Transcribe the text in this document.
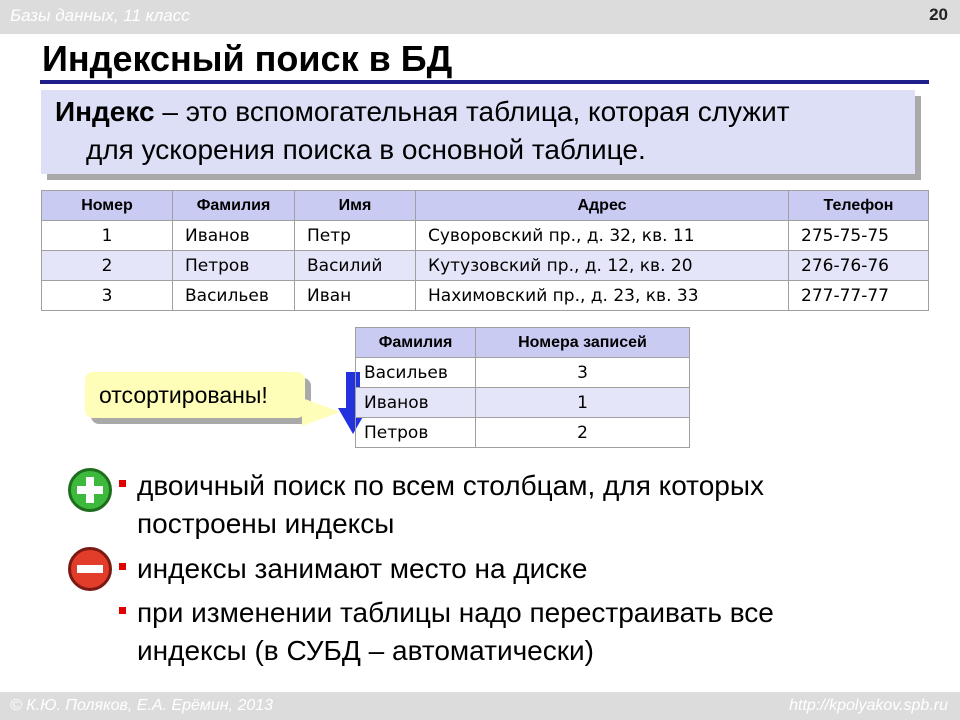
Базы данных, 11 класс	20
Индексный поиск в БД
Индекс – это вспомогательная таблица, которая служит
для ускорения поиска в основной таблице.
Номер	Фамилия	Имя	Адрес	Телефон
1	Иванов	Петр	Суворовский пр., д. 32, кв. 11	275-75-75
2	Петров	Василий	Кутузовский пр., д. 12, кв. 20	276-76-76
3	Васильев	Иван	Нахимовский пр., д. 23, кв. 33	277-77-77
отсортированы!
Фамилия	Номера записей
Васильев	3
Иванов	1
Петров	2
двоичный поиск по всем столбцам, для которых
построены индексы
индексы занимают место на диске
при изменении таблицы надо перестраивать все
индексы (в СУБД – автоматически)
© К.Ю. Поляков, Е.А. Ерёмин, 2013	http://kpolyakov.spb.ru
